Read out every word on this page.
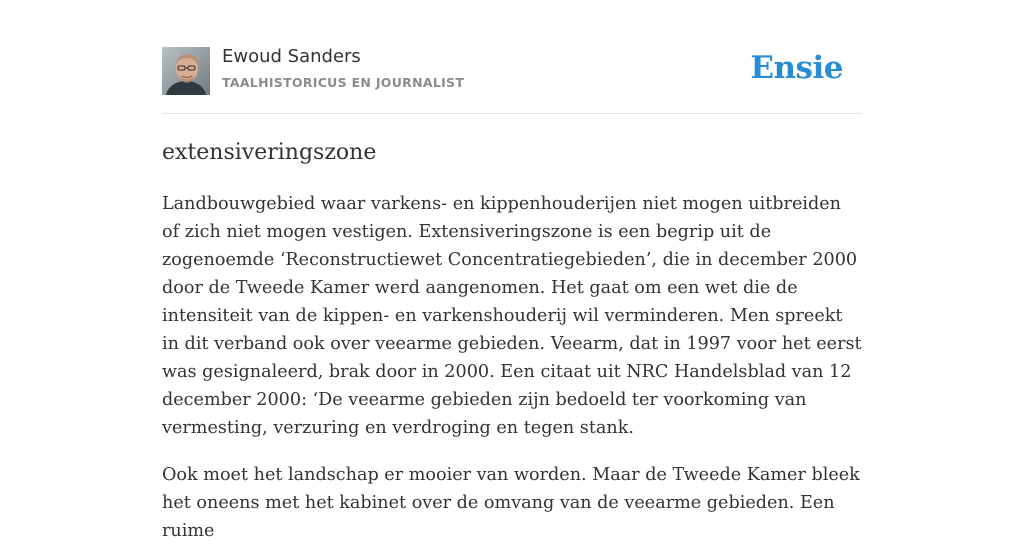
Ewoud Sanders
TAALHISTORICUS EN JOURNALIST	Ensie
extensiveringszone

Landbouwgebied waar varkens- en kippenhouderijen niet mogen uitbreiden of zich niet mogen vestigen. Extensiveringszone is een begrip uit de zogenoemde ‘Reconstructiewet Concentratiegebieden’, die in december 2000 door de Tweede Kamer werd aangenomen. Het gaat om een wet die de intensiteit van de kippen- en varkenshouderij wil verminderen. Men spreekt in dit verband ook over veearme gebieden. Veearm, dat in 1997 voor het eerst was gesignaleerd, brak door in 2000. Een citaat uit NRC Handelsblad van 12 december 2000: ‘De veearme gebieden zijn bedoeld ter voorkoming van vermesting, verzuring en verdroging en tegen stank.

Ook moet het landschap er mooier van worden. Maar de Tweede Kamer bleek het oneens met het kabinet over de omvang van de veearme gebieden. Een ruime
